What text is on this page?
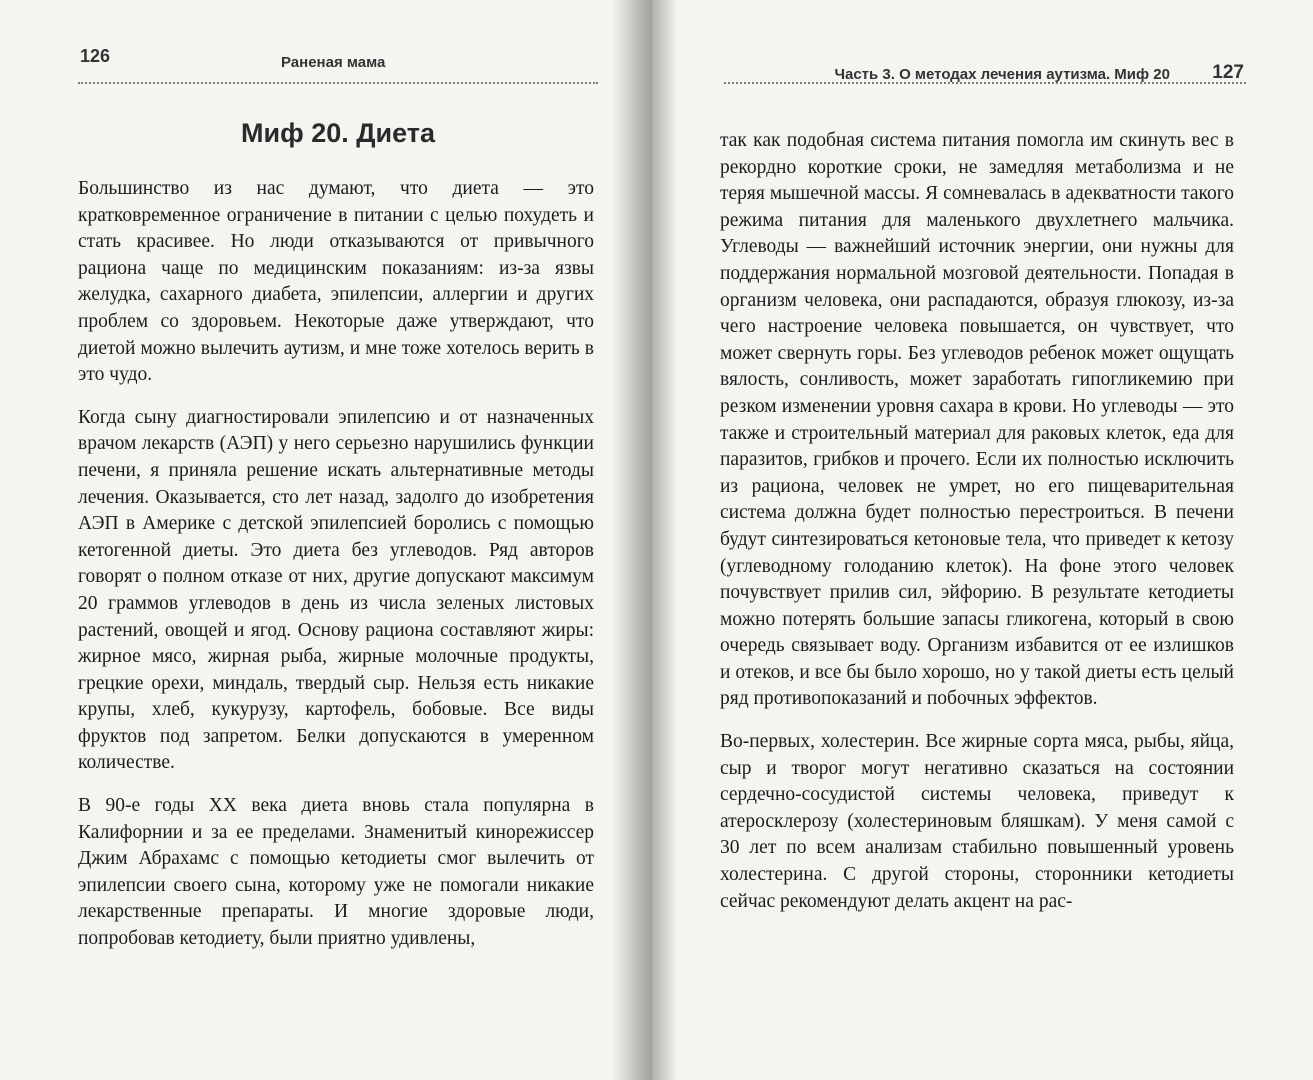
126	Раненая мама
Миф 20. Диета

Большинство из нас думают, что диета — это кратковременное ограничение в питании с целью похудеть и стать красивее. Но люди отказываются от привычного рациона чаще по медицинским показаниям: из-за язвы желудка, сахарного диабета, эпилепсии, аллергии и других проблем со здоровьем. Некоторые даже утверждают, что диетой можно вылечить аутизм, и мне тоже хотелось верить в это чудо.

Когда сыну диагностировали эпилепсию и от назначенных врачом лекарств (АЭП) у него серьезно нарушились функции печени, я приняла решение искать альтернативные методы лечения. Оказывается, сто лет назад, задолго до изобретения АЭП в Америке с детской эпилепсией боролись с помощью кетогенной диеты. Это диета без углеводов. Ряд авторов говорят о полном отказе от них, другие допускают максимум 20 граммов углеводов в день из числа зеленых листовых растений, овощей и ягод. Основу рациона составляют жиры: жирное мясо, жирная рыба, жирные молочные продукты, грецкие орехи, миндаль, твердый сыр. Нельзя есть никакие крупы, хлеб, кукурузу, картофель, бобовые. Все виды фруктов под запретом. Белки допускаются в умеренном количестве.

В 90-е годы XX века диета вновь стала популярна в Калифорнии и за ее пределами. Знаменитый кинорежиссер Джим Абрахамс с помощью кетодиеты смог вылечить от эпилепсии своего сына, которому уже не помогали никакие лекарственные препараты. И многие здоровые люди, попробовав кетодиету, были приятно удивлены,

Часть 3. О методах лечения аутизма. Миф 20 127

так как подобная система питания помогла им скинуть вес в рекордно короткие сроки, не замедляя метаболизма и не теряя мышечной массы. Я сомневалась в адекватности такого режима питания для маленького двухлетнего мальчика. Углеводы — важнейший источник энергии, они нужны для поддержания нормальной мозговой деятельности. Попадая в организм человека, они распадаются, образуя глюкозу, из-за чего настроение человека повышается, он чувствует, что может свернуть горы. Без углеводов ребенок может ощущать вялость, сонливость, может заработать гипогликемию при резком изменении уровня сахара в крови. Но углеводы — это также и строительный материал для раковых клеток, еда для паразитов, грибков и прочего. Если их полностью исключить из рациона, человек не умрет, но его пищеварительная система должна будет полностью перестроиться. В печени будут синтезироваться кетоновые тела, что приведет к кетозу (углеводному голоданию клеток). На фоне этого человек почувствует прилив сил, эйфорию. В результате кетодиеты можно потерять большие запасы гликогена, который в свою очередь связывает воду. Организм избавится от ее излишков и отеков, и все бы было хорошо, но у такой диеты есть целый ряд противопоказаний и побочных эффектов.

Во-первых, холестерин. Все жирные сорта мяса, рыбы, яйца, сыр и творог могут негативно сказаться на состоянии сердечно-сосудистой системы человека, приведут к атеросклерозу (холестериновым бляшкам). У меня самой с 30 лет по всем анализам стабильно повышенный уровень холестерина. С другой стороны, сторонники кетодиеты сейчас рекомендуют делать акцент на рас-
